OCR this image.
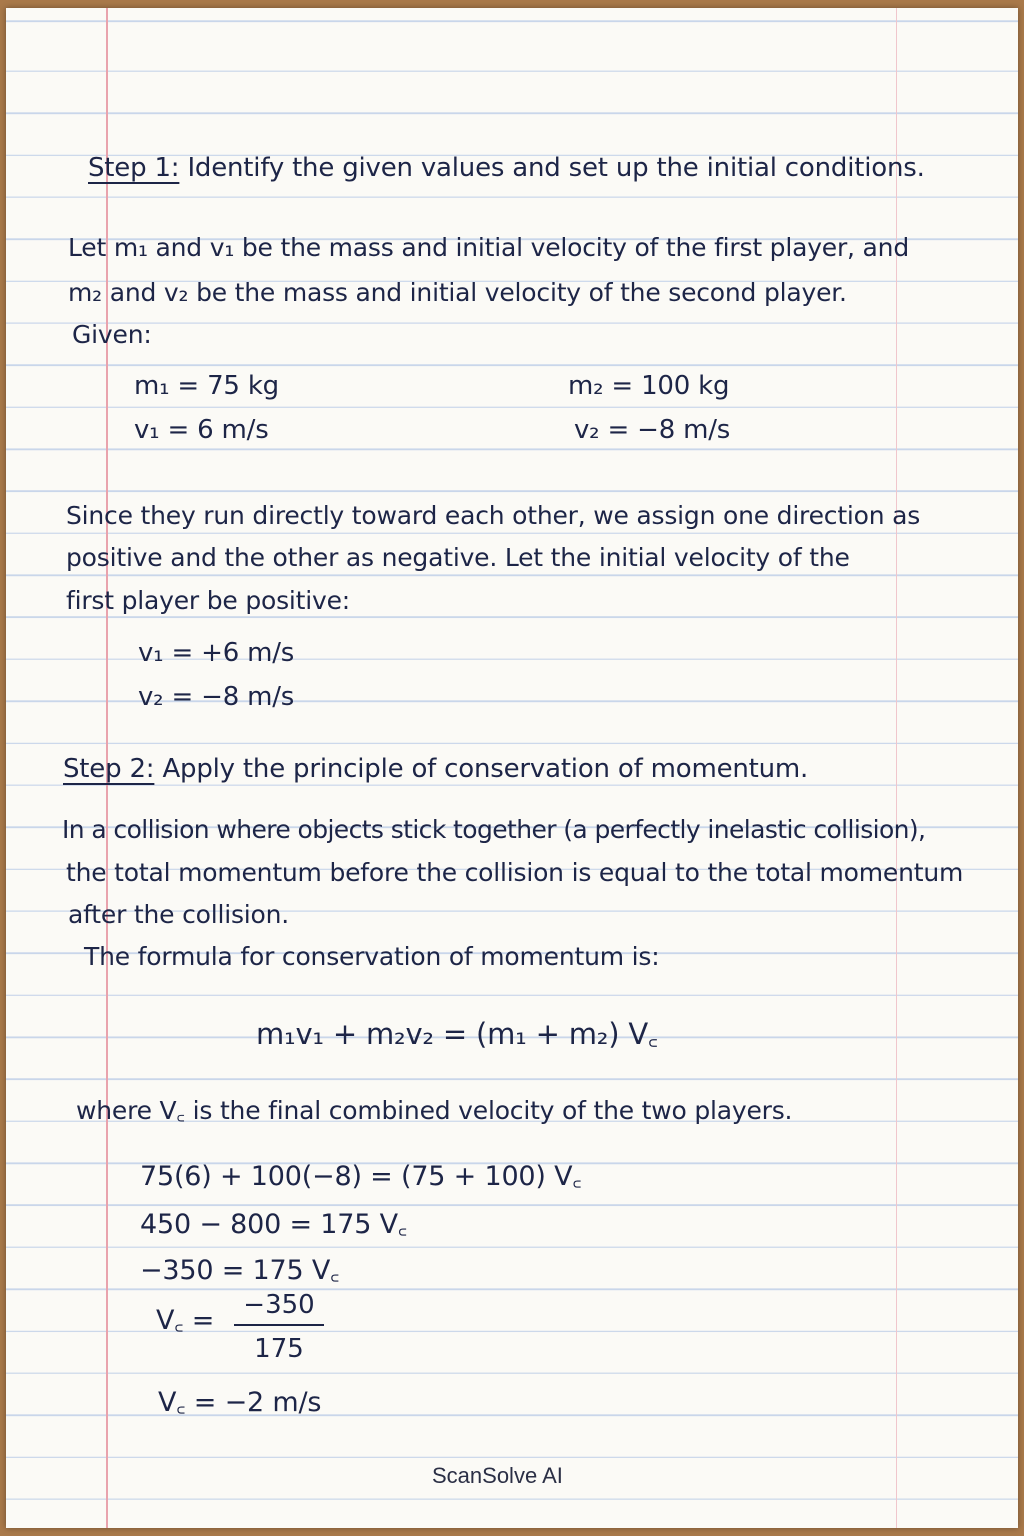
Step 1: Identify the given values and set up the initial conditions.
Let m₁ and v₁ be the mass and initial velocity of the first player, and
m₂ and v₂ be the mass and initial velocity of the second player.
Given:
m₁ = 75 kg
v₁ = 6 m/s
m₂ = 100 kg
v₂ = −8 m/s
Since they run directly toward each other, we assign one direction as
positive and the other as negative. Let the initial velocity of the
first player be positive:
v₁ = +6 m/s
v₂ = −8 m/s
Step 2: Apply the principle of conservation of momentum.
In a collision where objects stick together (a perfectly inelastic collision),
the total momentum before the collision is equal to the total momentum
after the collision.
The formula for conservation of momentum is:
m₁v₁ + m₂v₂ = (m₁ + m₂) V꜀
where V꜀ is the final combined velocity of the two players.
75(6) + 100(−8) = (75 + 100) V꜀
450 − 800 = 175 V꜀
−350 = 175 V꜀
V꜀ =	−350
175
V꜀ = −2 m/s
ScanSolve AI
